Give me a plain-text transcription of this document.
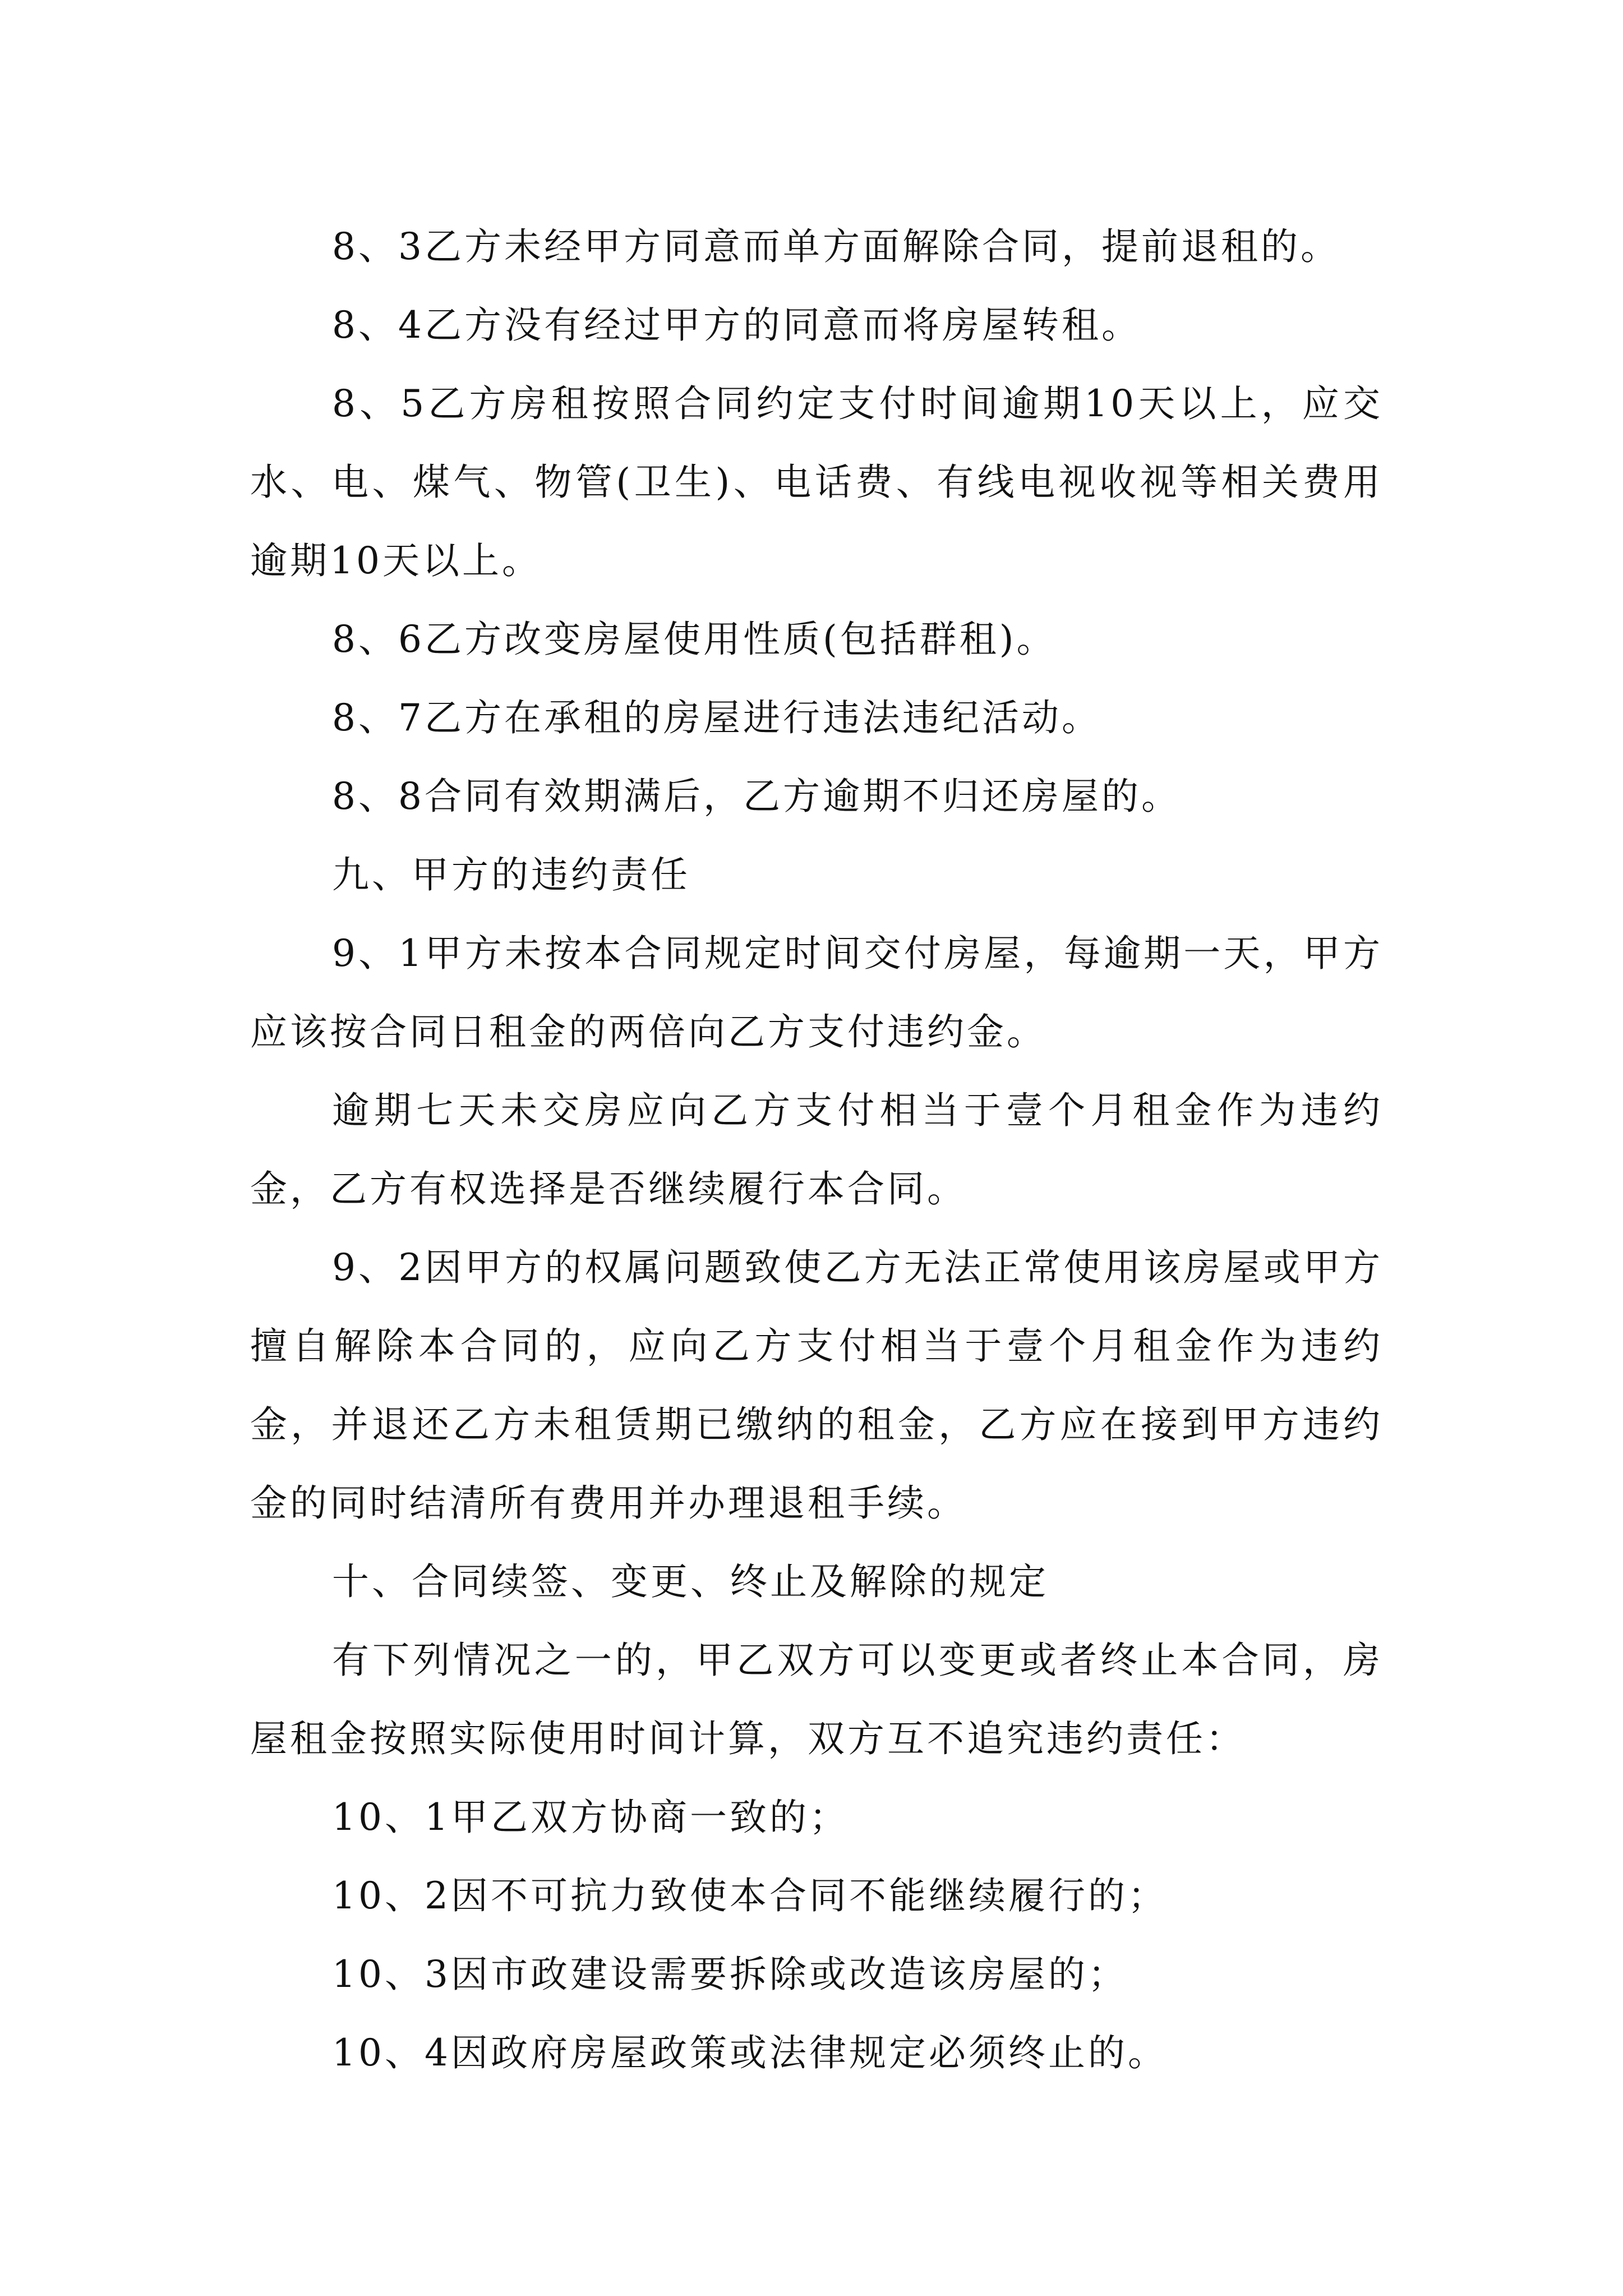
8、3乙方未经甲方同意而单方面解除合同，提前退租的。

8、4乙方没有经过甲方的同意而将房屋转租。

8、5乙方房租按照合同约定支付时间逾期10天以上，应交水、电、煤气、物管(卫生)、电话费、有线电视收视等相关费用逾期10天以上。

8、6乙方改变房屋使用性质(包括群租)。

8、7乙方在承租的房屋进行违法违纪活动。

8、8合同有效期满后，乙方逾期不归还房屋的。

九、甲方的违约责任

9、1甲方未按本合同规定时间交付房屋，每逾期一天，甲方应该按合同日租金的两倍向乙方支付违约金。

逾期七天未交房应向乙方支付相当于壹个月租金作为违约金，乙方有权选择是否继续履行本合同。

9、2因甲方的权属问题致使乙方无法正常使用该房屋或甲方擅自解除本合同的，应向乙方支付相当于壹个月租金作为违约金，并退还乙方未租赁期已缴纳的租金，乙方应在接到甲方违约金的同时结清所有费用并办理退租手续。

十、合同续签、变更、终止及解除的规定

有下列情况之一的，甲乙双方可以变更或者终止本合同，房屋租金按照实际使用时间计算，双方互不追究违约责任：

10、1甲乙双方协商一致的；

10、2因不可抗力致使本合同不能继续履行的；

10、3因市政建设需要拆除或改造该房屋的；

10、4因政府房屋政策或法律规定必须终止的。
